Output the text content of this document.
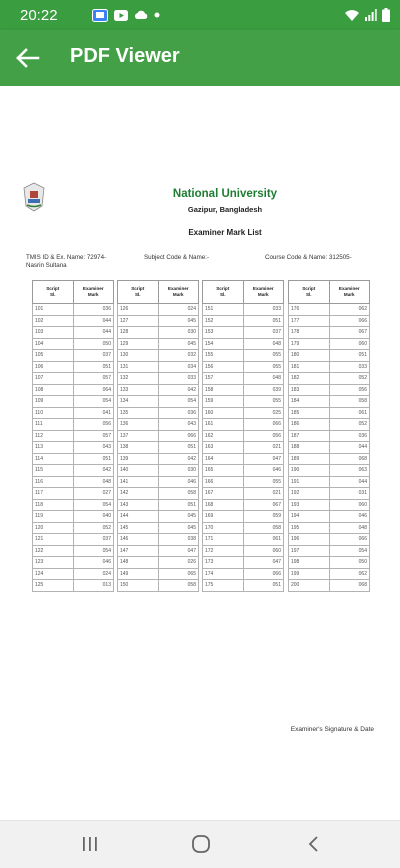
20:22
PDF Viewer
National University
Gazipur, Bangladesh
Examiner Mark List
TMIS ID & Ex. Name: 72974-
Nasrin Sultana
Subject Code & Name:-	Course Code & Name: 312505-
Script
Sl.	Examiner
Mark
101	036
102	044
103	044
104	050
105	037
106	051
107	057
108	064
109	054
110	041
111	056
112	057
113	043
114	051
115	042
116	048
117	027
118	054
119	040
120	052
121	037
122	054
123	046
124	024
125	013
Script
Sl.	Examiner
Mark
126	024
127	045
128	030
129	045
130	032
131	034
132	033
133	042
134	054
135	036
136	043
137	066
138	051
139	042
140	030
141	046
142	058
143	051
144	045
145	045
146	038
147	047
148	026
149	065
150	058
Script
Sl.	Examiner
Mark
151	033
152	051
153	037
154	048
155	055
156	055
157	048
158	039
159	055
160	025
161	066
162	056
163	021
164	047
165	046
166	055
167	021
168	067
169	059
170	058
171	061
172	060
173	047
174	066
175	051
Script
Sl.	Examiner
Mark
176	062
177	066
178	067
179	060
180	051
181	033
182	052
183	056
184	058
185	061
186	052
187	036
188	044
189	068
190	063
191	044
192	031
193	060
194	046
195	048
196	066
197	054
198	050
199	062
200	068
Examiner's Signature & Date
